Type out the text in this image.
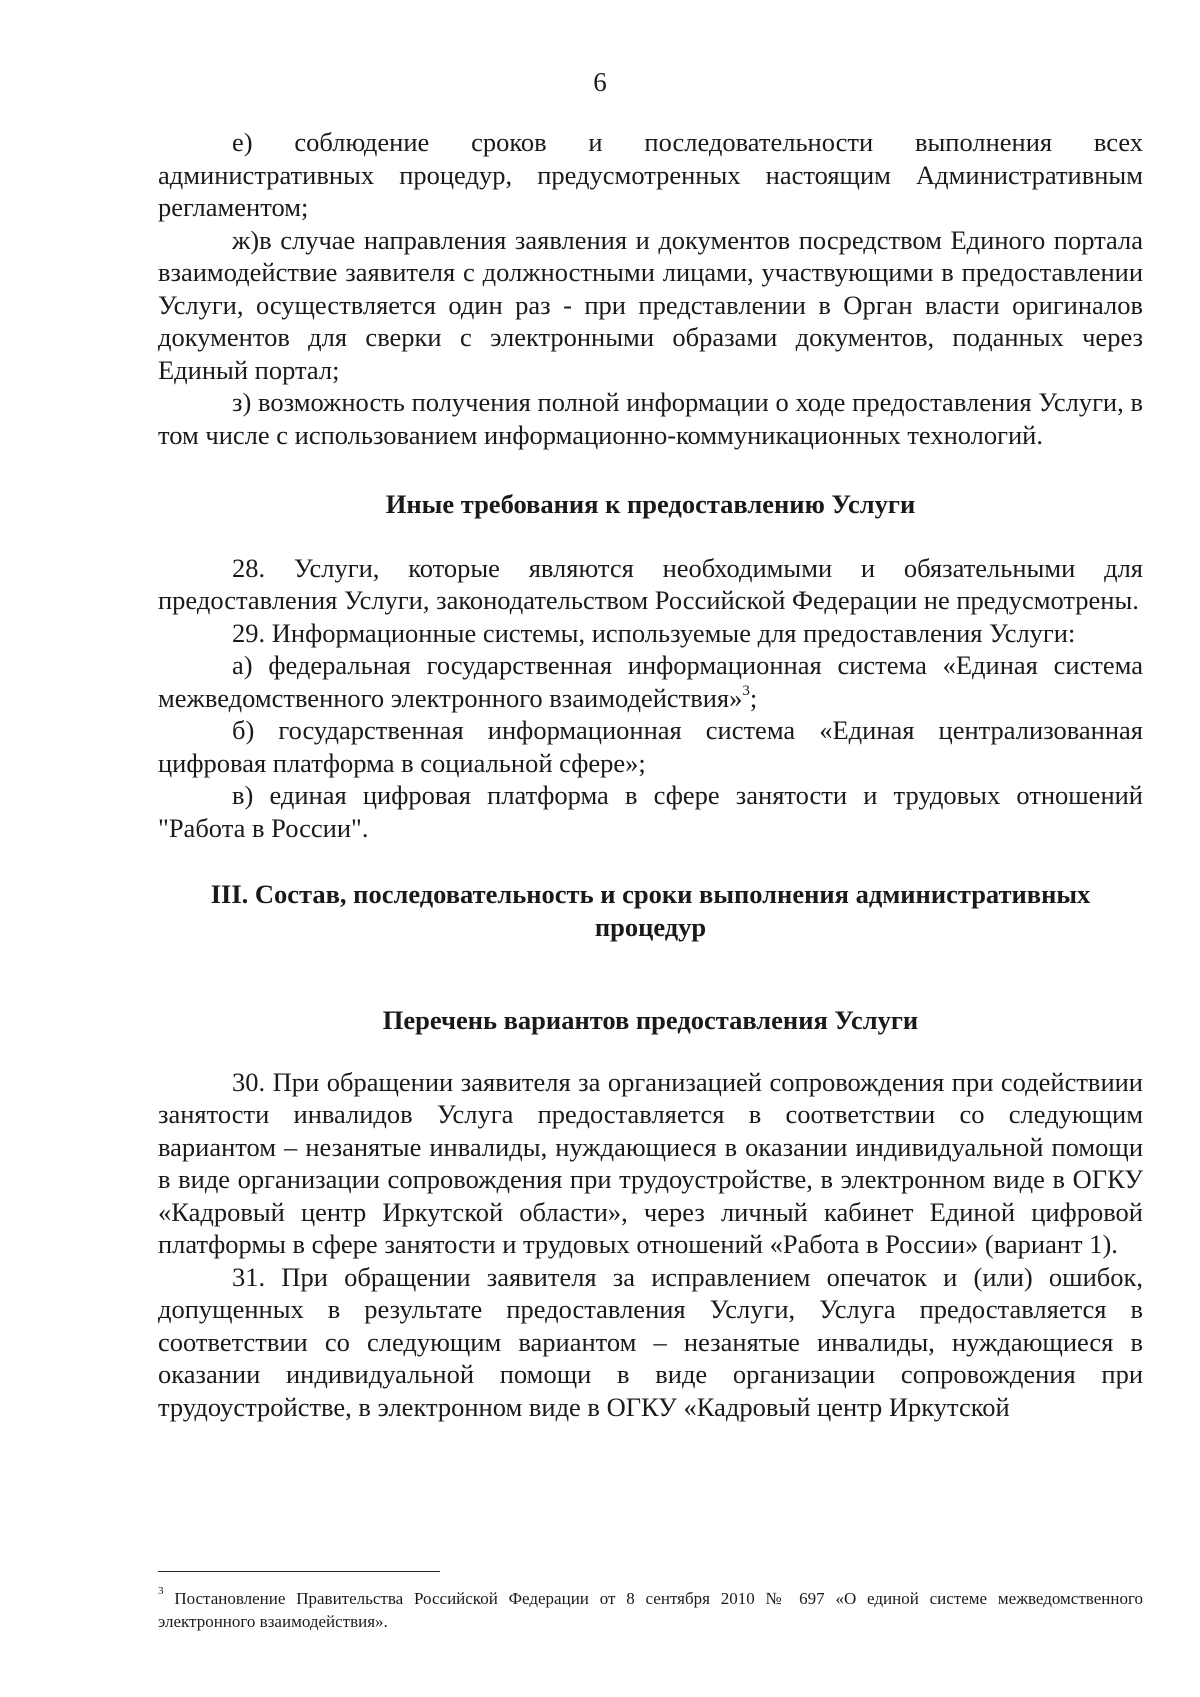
6

е) соблюдение сроков и последовательности выполнения всех административных процедур, предусмотренных настоящим Административным регламентом;

ж)в случае направления заявления и документов посредством Единого портала взаимодействие заявителя с должностными лицами, участвующими в предоставлении Услуги, осуществляется один раз - при представлении в Орган власти оригиналов документов для сверки с электронными образами документов, поданных через Единый портал;

з) возможность получения полной информации о ходе предоставления Услуги, в том числе с использованием информационно-коммуникационных технологий.

Иные требования к предоставлению Услуги

28. Услуги, которые являются необходимыми и обязательными для предоставления Услуги, законодательством Российской Федерации не предусмотрены.

29. Информационные системы, используемые для предоставления Услуги:

а) федеральная государственная информационная система «Единая система межведомственного электронного взаимодействия»$^3$;

б) государственная информационная система «Единая централизованная цифровая платформа в социальной сфере»;

в) единая цифровая платформа в сфере занятости и трудовых отношений "Работа в России".

III. Состав, последовательность и сроки выполнения административных процедур
Перечень вариантов предоставления Услуги

30. При обращении заявителя за организацией сопровождения при содействиии занятости инвалидов Услуга предоставляется в соответствии со следующим вариантом – незанятые инвалиды, нуждающиеся в оказании индивидуальной помощи в виде организации сопровождения при трудоустройстве, в электронном виде в ОГКУ «Кадровый центр Иркутской области», через личный кабинет Единой цифровой платформы в сфере занятости и трудовых отношений «Работа в России» (вариант 1).

31. При обращении заявителя за исправлением опечаток и (или) ошибок, допущенных в результате предоставления Услуги, Услуга предоставляется в соответствии со следующим вариантом – незанятые инвалиды, нуждающиеся в оказании индивидуальной помощи в виде организации сопровождения при трудоустройстве, в электронном виде в ОГКУ «Кадровый центр Иркутской

$^3$ Постановление Правительства Российской Федерации от 8 сентября 2010 № 697 «О единой системе межведомственного электронного взаимодействия».
